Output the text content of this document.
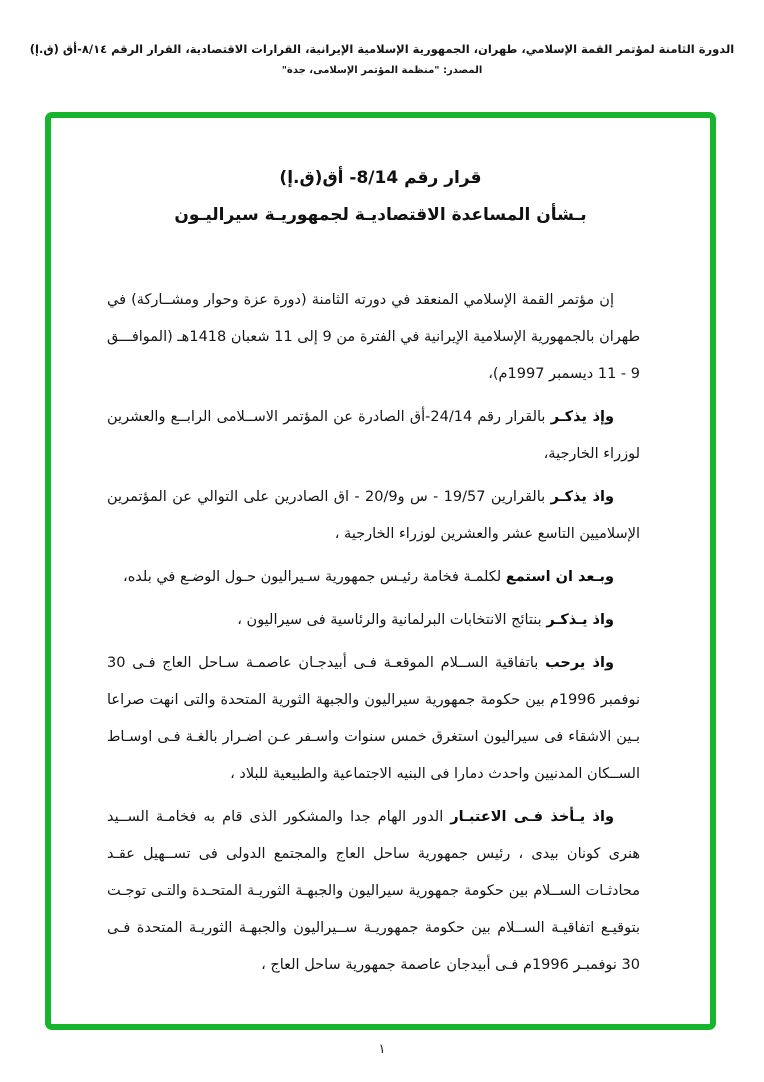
الدورة الثامنة لمؤتمر القمة الإسلامي، طهران، الجمهورية الإسلامية الإيرانية، القرارات الاقتصادية، القرار الرقم ٨/١٤-أق (ق.إ)
المصدر: "منظمة المؤتمر الإسلامى، جدة"
قرار رقم 8/14- أق(ق.إ)
بـشأن المساعدة الاقتصاديـة لجمهوريـة سيراليـون

إن مؤتمر القمة الإسلامي المنعقد في دورته الثامنة (دورة عزة وحوار ومشــاركة) في طهران بالجمهورية الإسلامية الإيرانية في الفترة من 9 إلى 11 شعبان 1418هـ (الموافـــق 9 - 11 ديسمبر 1997م)،

وإذ يذكـر بالقرار رقم 24/14-أق الصادرة عن المؤتمر الاســلامى الرابــع والعشرين لوزراء الخارجية،

واذ يذكـر بالقرارين 19/57 - س و20/9 - اق الصادرين على التوالي عن المؤتمرين الإسلاميين التاسع عشر والعشرين لوزراء الخارجية ،

وبـعد ان استمع لكلمـة فخامة رئيـس جمهورية سـيراليون حـول الوضـع في بلده،

واذ يـذكـر بنتائج الانتخابات البرلمانية والرئاسية فى سيراليون ،

واذ يرحب باتفاقية الســلام الموقعـة فـى أبيدجـان عاصمـة سـاحل العاج فـى 30 نوفمبر 1996م بين حكومة جمهورية سيراليون والجبهة الثورية المتحدة والتى انهت صراعا بـين الاشقاء فى سيراليون استغرق خمس سنوات واسـفر عـن اضـرار بالغـة فـى اوسـاط الســكان المدنيين واحدث دمارا فى البنيه الاجتماعية والطبيعية للبلاد ،

واذ يـأخذ فـى الاعتبـار الدور الهام جدا والمشكور الذى قام به فخامـة الســيد هنرى كونان بيدى ، رئيس جمهورية ساحل العاج والمجتمع الدولى فى تســهيل عقـد محادثـات الســلام بين حكومة جمهورية سيراليون والجبهـة الثوريـة المتحـدة والتـى توجـت بتوقيـع اتفاقيـة الســلام بين حكومة جمهوريـة ســيراليون والجبهـة الثوريـة المتحدة فـى 30 نوفمبـر 1996م فـى أبيدجان عاصمة جمهورية ساحل العاج ،

١
